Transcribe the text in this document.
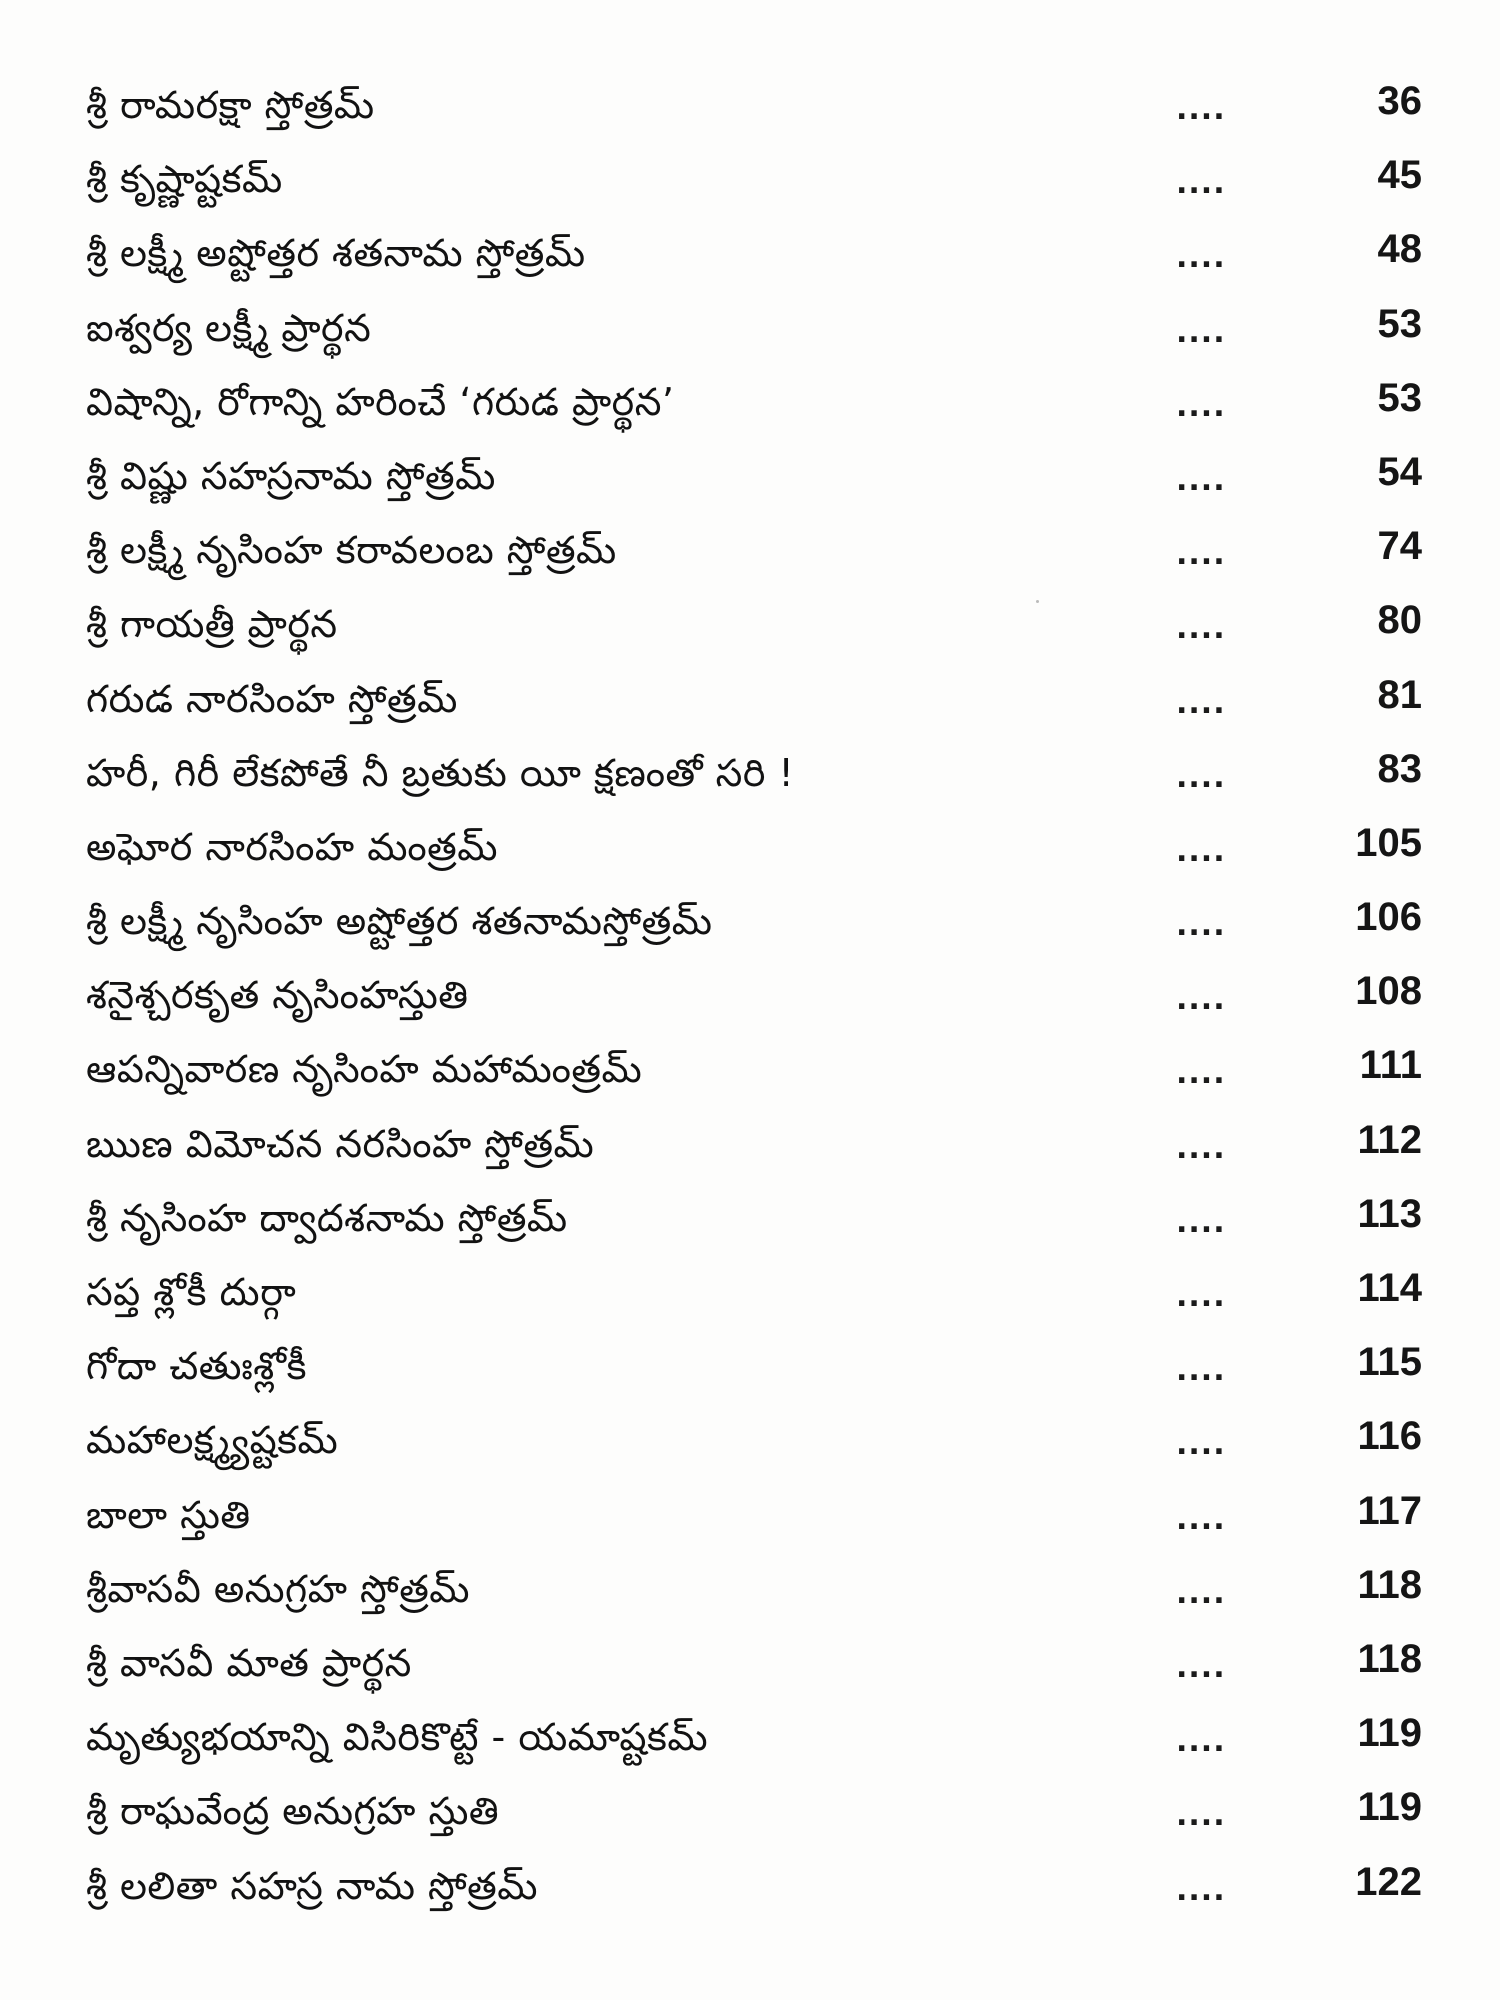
శ్రీ రామరక్షా స్తోత్రమ్	....	36
శ్రీ కృష్ణాష్టకమ్	....	45
శ్రీ లక్ష్మీ అష్టోత్తర శతనామ స్తోత్రమ్	....	48
ఐశ్వర్య లక్ష్మీ ప్రార్థన	....	53
విషాన్ని, రోగాన్ని హరించే ‘గరుడ ప్రార్థన’	....	53
శ్రీ విష్ణు సహస్రనామ స్తోత్రమ్	....	54
శ్రీ లక్ష్మీ నృసింహ కరావలంబ స్తోత్రమ్	....	74
శ్రీ గాయత్రీ ప్రార్థన	....	80
గరుడ నారసింహ స్తోత్రమ్	....	81
హరీ, గిరీ లేకపోతే నీ బ్రతుకు యీ క్షణంతో సరి !	....	83
అఘోర నారసింహ మంత్రమ్	....	105
శ్రీ లక్ష్మీ నృసింహ అష్టోత్తర శతనామస్తోత్రమ్	....	106
శనైశ్చరకృత నృసింహస్తుతి	....	108
ఆపన్నివారణ నృసింహ మహామంత్రమ్	....	111
ఋణ విమోచన నరసింహ స్తోత్రమ్	....	112
శ్రీ నృసింహ ద్వాదశనామ స్తోత్రమ్	....	113
సప్త శ్లోకీ దుర్గా	....	114
గోదా చతుఃశ్లోకీ	....	115
మహాలక్ష్మ్యష్టకమ్	....	116
బాలా స్తుతి	....	117
శ్రీవాసవీ అనుగ్రహ స్తోత్రమ్	....	118
శ్రీ వాసవీ మాత ప్రార్థన	....	118
మృత్యుభయాన్ని విసిరికొట్టే - యమాష్టకమ్	....	119
శ్రీ రాఘవేంద్ర అనుగ్రహ స్తుతి	....	119
శ్రీ లలితా సహస్ర నామ స్తోత్రమ్	....	122
